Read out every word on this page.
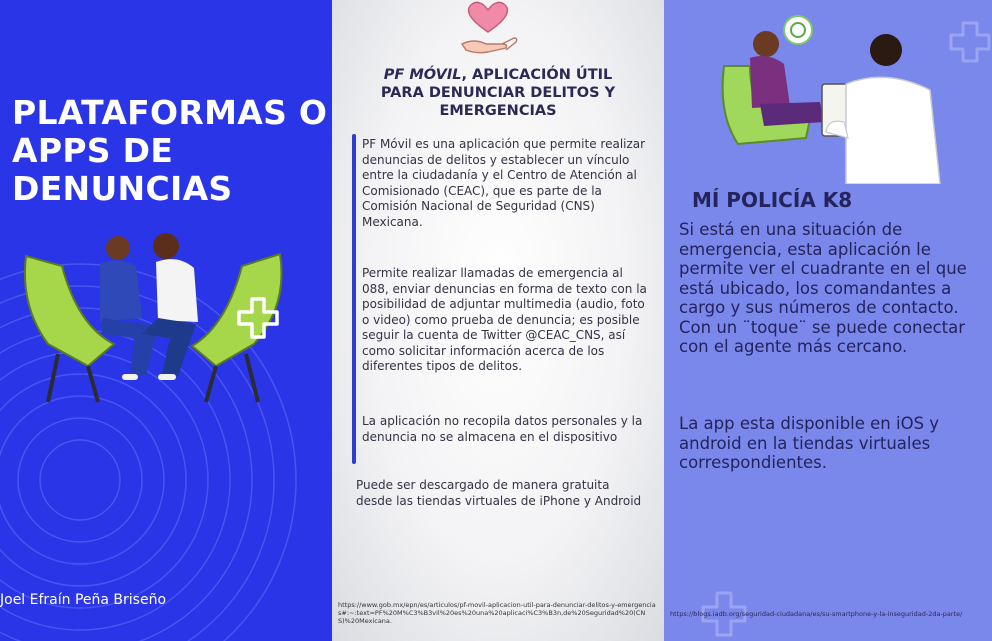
PLATAFORMAS O
APPS DE
DENUNCIAS
Joel Efraín Peña Briseño
PF MÓVIL, APLICACIÓN ÚTIL
PARA DENUNCIAR DELITOS Y
EMERGENCIAS
PF Móvil es una aplicación que permite realizar denuncias de delitos y establecer un vínculo entre la ciudadanía y el Centro de Atención al Comisionado (CEAC), que es parte de la Comisión Nacional de Seguridad (CNS) Mexicana.
Permite realizar llamadas de emergencia al 088, enviar denuncias en forma de texto con la posibilidad de adjuntar multimedia (audio, foto o video) como prueba de denuncia; es posible seguir la cuenta de Twitter @CEAC_CNS, así como solicitar información acerca de los diferentes tipos de delitos.
La aplicación no recopila datos personales y la denuncia no se almacena en el dispositivo
Puede ser descargado de manera gratuita desde las tiendas virtuales de iPhone y Android
https://www.gob.mx/epn/es/articulos/pf-movil-aplicacion-util-para-denunciar-delitos-y-emergencias#:~:text=PF%20M%C3%B3vil%20es%20una%20aplicaci%C3%B3n,de%20Seguridad%20(CNS)%20Mexicana.
MÍ POLICÍA K8
Si está en una situación de emergencia, esta aplicación le permite ver el cuadrante en el que está ubicado, los comandantes a cargo y sus números de contacto. Con un ¨toque¨ se puede conectar con el agente más cercano.
La app esta disponible en iOS y android en la tiendas virtuales correspondientes.
https://blogs.iadb.org/seguridad-ciudadana/es/su-smartphone-y-la-inseguridad-2da-parte/
